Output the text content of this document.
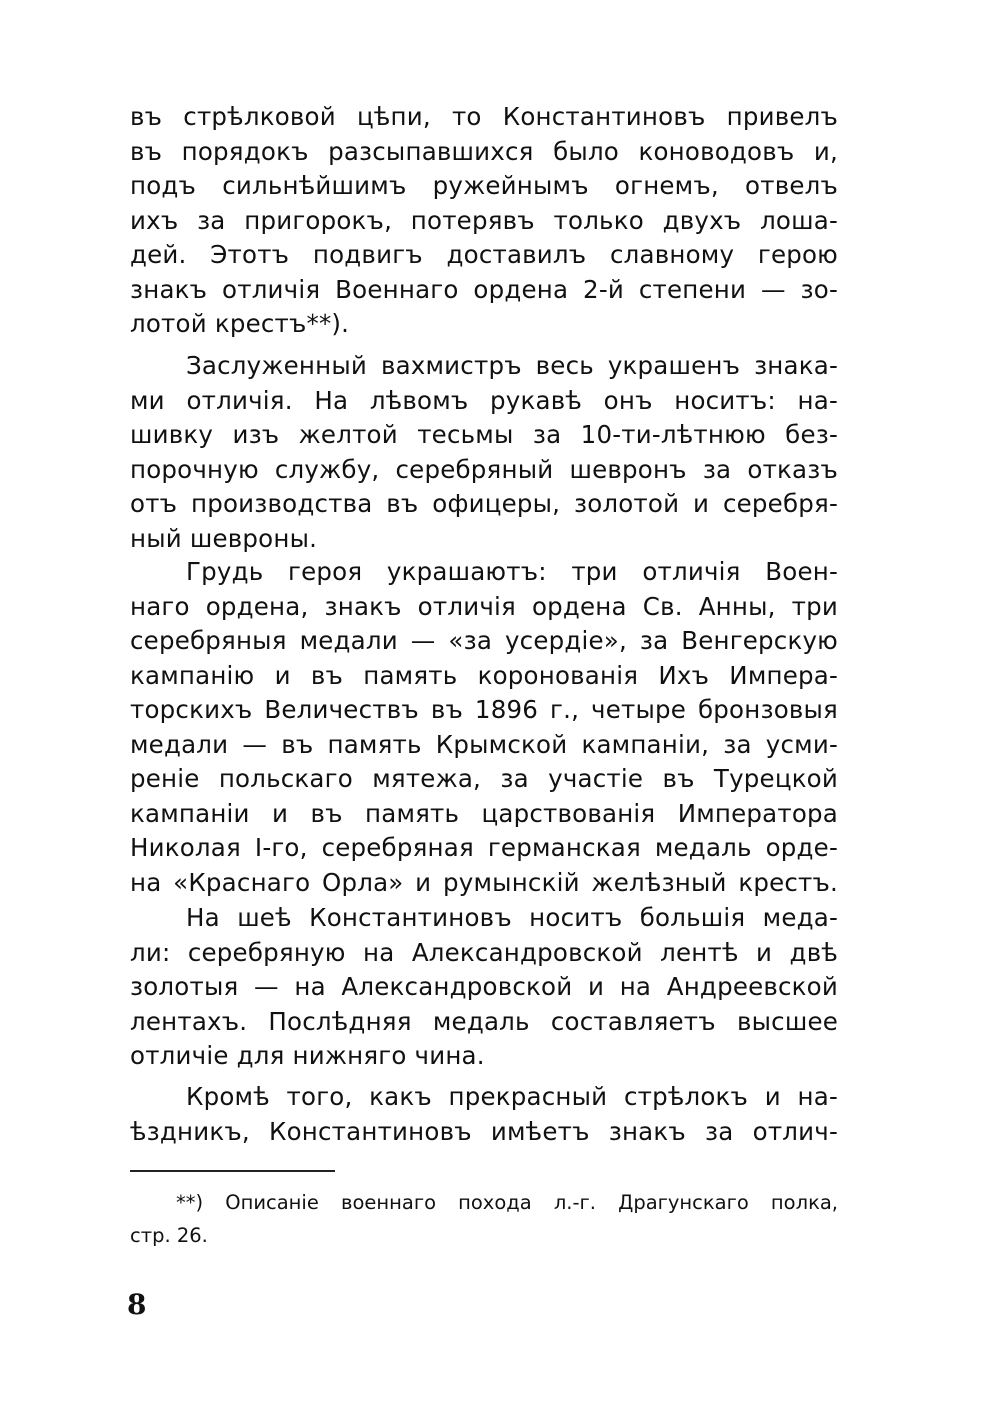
въ стрѣлковой цѣпи, то Константиновъ привелъ
въ порядокъ разсыпавшихся было коноводовъ и,
подъ сильнѣйшимъ ружейнымъ огнемъ, отвелъ
ихъ за пригорокъ, потерявъ только двухъ лоша-
дей. Этотъ подвигъ доставилъ славному герою
знакъ отличія Военнаго ордена 2-й степени — зо-
лотой крестъ**).
Заслуженный вахмистръ весь украшенъ знака-
ми отличія. На лѣвомъ рукавѣ онъ носитъ: на-
шивку изъ желтой тесьмы за 10-ти-лѣтнюю без-
порочную службу, серебряный шевронъ за отказъ
отъ производства въ офицеры, золотой и серебря-
ный шевроны.
Грудь героя украшаютъ: три отличія Воен-
наго ордена, знакъ отличія ордена Св. Анны, три
серебряныя медали — «за усердіе», за Венгерскую
кампанію и въ память коронованія Ихъ Импера-
торскихъ Величествъ въ 1896 г., четыре бронзовыя
медали — въ память Крымской кампаніи, за усми-
реніе польскаго мятежа, за участіе въ Турецкой
кампаніи и въ память царствованія Императора
Николая I-го, серебряная германская медаль орде-
на «Краснаго Орла» и румынскій желѣзный крестъ.
На шеѣ Константиновъ носитъ большія меда-
ли: серебряную на Александровской лентѣ и двѣ
золотыя — на Александровской и на Андреевской
лентахъ. Послѣдняя медаль составляетъ высшее
отличіе для нижняго чина.
Кромѣ того, какъ прекрасный стрѣлокъ и на-
ѣздникъ, Константиновъ имѣетъ знакъ за отлич-
**) Описаніе военнаго похода л.-г. Драгунскаго полка,
стр. 26.
8
